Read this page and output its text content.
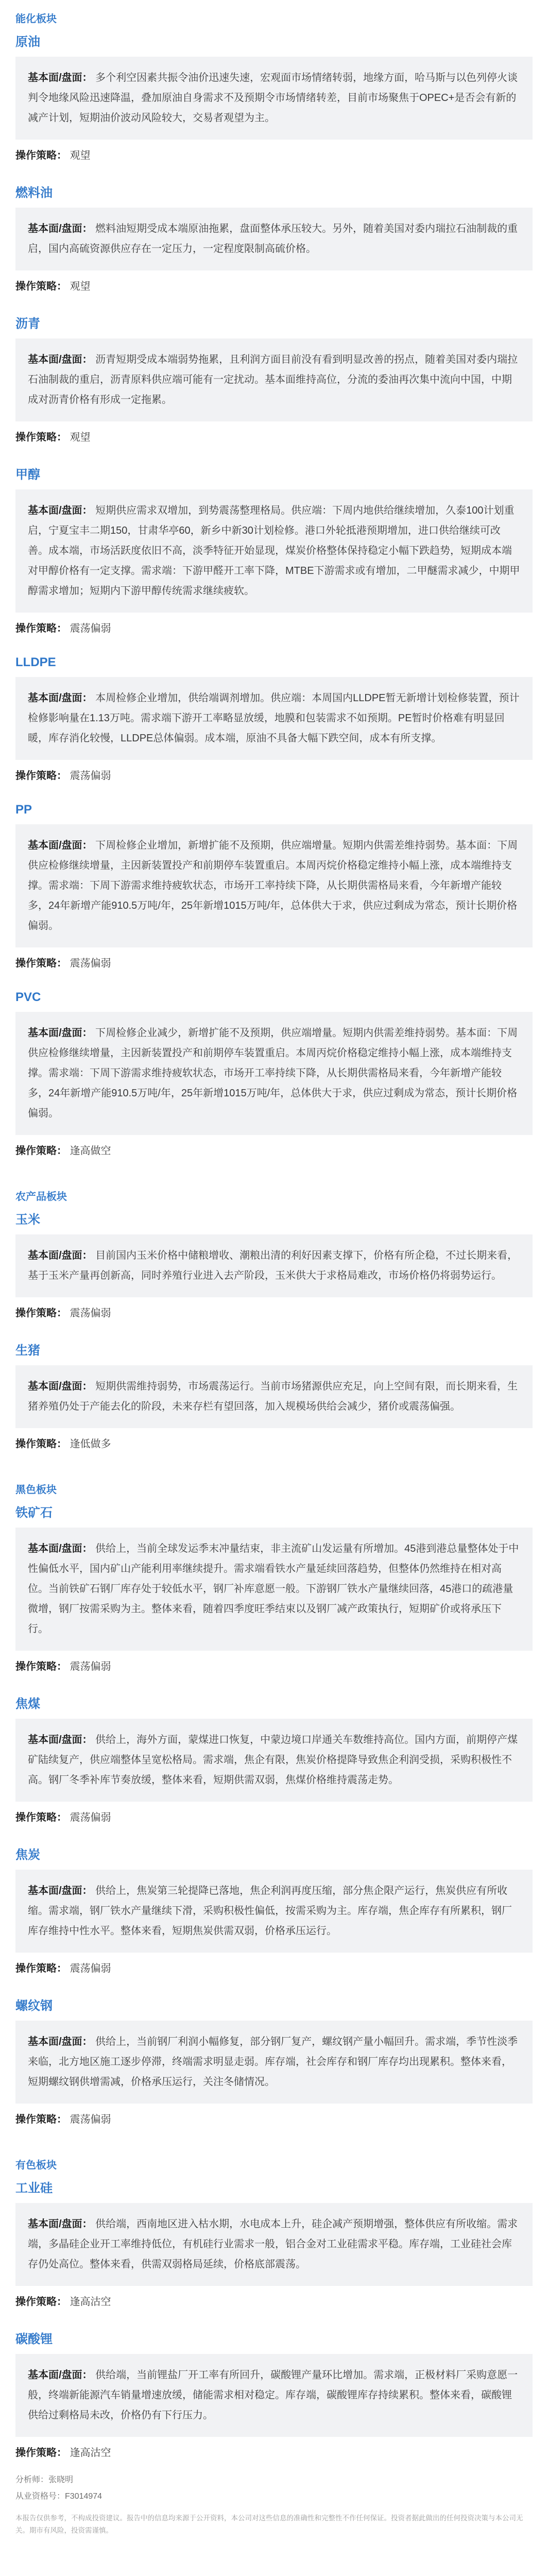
能化板块
原油
基本面/盘面： 多个利空因素共振令油价迅速失速，宏观面市场情绪转弱，地缘方面，哈马斯与以色列停火谈判令地缘风险迅速降温，叠加原油自身需求不及预期令市场情绪转差，目前市场聚焦于OPEC+是否会有新的减产计划，短期油价波动风险较大，交易者观望为主。
操作策略： 观望
燃料油
基本面/盘面： 燃料油短期受成本端原油拖累，盘面整体承压较大。另外，随着美国对委内瑞拉石油制裁的重启，国内高硫资源供应存在一定压力，一定程度限制高硫价格。
操作策略： 观望
沥青
基本面/盘面： 沥青短期受成本端弱势拖累，且利润方面目前没有看到明显改善的拐点，随着美国对委内瑞拉石油制裁的重启，沥青原料供应端可能有一定扰动。基本面维持高位，分流的委油再次集中流向中国，中期成对沥青价格有形成一定拖累。
操作策略： 观望
甲醇
基本面/盘面： 短期供应需求双增加，到势震荡整理格局。供应端：下周内地供给继续增加，久泰100计划重启，宁夏宝丰二期150，甘肃华亭60，新乡中新30计划检修。港口外轮抵港预期增加，进口供给继续可改善。成本端，市场活跃度依旧不高，淡季特征开始显现，煤炭价格整体保持稳定小幅下跌趋势，短期成本端对甲醇价格有一定支撑。需求端：下游甲醛开工率下降，MTBE下游需求或有增加，二甲醚需求减少，中期甲醇需求增加；短期内下游甲醇传统需求继续疲软。
操作策略： 震荡偏弱
LLDPE
基本面/盘面： 本周检修企业增加，供给端调剂增加。供应端：本周国内LLDPE暂无新增计划检修装置，预计检修影响量在1.13万吨。需求端下游开工率略显放缓，地膜和包装需求不如预期。PE暂时价格难有明显回暖，库存消化较慢，LLDPE总体偏弱。成本端，原油不具备大幅下跌空间，成本有所支撑。
操作策略： 震荡偏弱
PP
基本面/盘面： 下周检修企业增加，新增扩能不及预期，供应端增量。短期内供需差维持弱势。基本面：下周供应检修继续增量，主因新装置投产和前期停车装置重启。本周丙烷价格稳定维持小幅上涨，成本端维持支撑。需求端：下周下游需求维持疲软状态，市场开工率持续下降，从长期供需格局来看，今年新增产能较多，24年新增产能910.5万吨/年，25年新增1015万吨/年，总体供大于求，供应过剩成为常态，预计长期价格偏弱。
操作策略： 震荡偏弱
PVC
基本面/盘面： 下周检修企业减少，新增扩能不及预期，供应端增量。短期内供需差维持弱势。基本面：下周供应检修继续增量，主因新装置投产和前期停车装置重启。本周丙烷价格稳定维持小幅上涨，成本端维持支撑。需求端：下周下游需求维持疲软状态，市场开工率持续下降，从长期供需格局来看，今年新增产能较多，24年新增产能910.5万吨/年，25年新增1015万吨/年，总体供大于求，供应过剩成为常态，预计长期价格偏弱。
操作策略： 逢高做空
农产品板块
玉米
基本面/盘面： 目前国内玉米价格中储粮增收、潮粮出清的利好因素支撑下，价格有所企稳，不过长期来看，基于玉米产量再创新高，同时养殖行业进入去产阶段，玉米供大于求格局难改，市场价格仍将弱势运行。
操作策略： 震荡偏弱
生猪
基本面/盘面： 短期供需维持弱势，市场震荡运行。当前市场猪源供应充足，向上空间有限，而长期来看，生猪养殖仍处于产能去化的阶段，未来存栏有望回落，加入规模场供给会减少，猪价或震荡偏强。
操作策略： 逢低做多
黑色板块
铁矿石
基本面/盘面： 供给上，当前全球发运季末冲量结束，非主流矿山发运量有所增加。45港到港总量整体处于中性偏低水平，国内矿山产能利用率继续提升。需求端看铁水产量延续回落趋势，但整体仍然维持在相对高位。当前铁矿石钢厂库存处于较低水平，钢厂补库意愿一般。下游钢厂铁水产量继续回落，45港口的疏港量微增，钢厂按需采购为主。整体来看，随着四季度旺季结束以及钢厂减产政策执行，短期矿价或将承压下行。
操作策略： 震荡偏弱
焦煤
基本面/盘面： 供给上，海外方面，蒙煤进口恢复，中蒙边境口岸通关车数维持高位。国内方面，前期停产煤矿陆续复产，供应端整体呈宽松格局。需求端，焦企有限，焦炭价格提降导致焦企利润受损，采购积极性不高。钢厂冬季补库节奏放缓，整体来看，短期供需双弱，焦煤价格维持震荡走势。
操作策略： 震荡偏弱
焦炭
基本面/盘面： 供给上，焦炭第三轮提降已落地，焦企利润再度压缩，部分焦企限产运行，焦炭供应有所收缩。需求端，钢厂铁水产量继续下滑，采购积极性偏低，按需采购为主。库存端，焦企库存有所累积，钢厂库存维持中性水平。整体来看，短期焦炭供需双弱，价格承压运行。
操作策略： 震荡偏弱
螺纹钢
基本面/盘面： 供给上，当前钢厂利润小幅修复，部分钢厂复产，螺纹钢产量小幅回升。需求端，季节性淡季来临，北方地区施工逐步停滞，终端需求明显走弱。库存端，社会库存和钢厂库存均出现累积。整体来看，短期螺纹钢供增需减，价格承压运行，关注冬储情况。
操作策略： 震荡偏弱
有色板块
工业硅
基本面/盘面： 供给端，西南地区进入枯水期，水电成本上升，硅企减产预期增强，整体供应有所收缩。需求端，多晶硅企业开工率维持低位，有机硅行业需求一般，铝合金对工业硅需求平稳。库存端，工业硅社会库存仍处高位。整体来看，供需双弱格局延续，价格底部震荡。
操作策略： 逢高沽空
碳酸锂
基本面/盘面： 供给端，当前锂盐厂开工率有所回升，碳酸锂产量环比增加。需求端，正极材料厂采购意愿一般，终端新能源汽车销量增速放缓，储能需求相对稳定。库存端，碳酸锂库存持续累积。整体来看，碳酸锂供给过剩格局未改，价格仍有下行压力。
操作策略： 逢高沽空
分析师：张晓明
从业资格号：F3014974
本报告仅供参考，不构成投资建议。报告中的信息均来源于公开资料，本公司对这些信息的准确性和完整性不作任何保证。投资者据此做出的任何投资决策与本公司无关。期市有风险，投资需谨慎。
